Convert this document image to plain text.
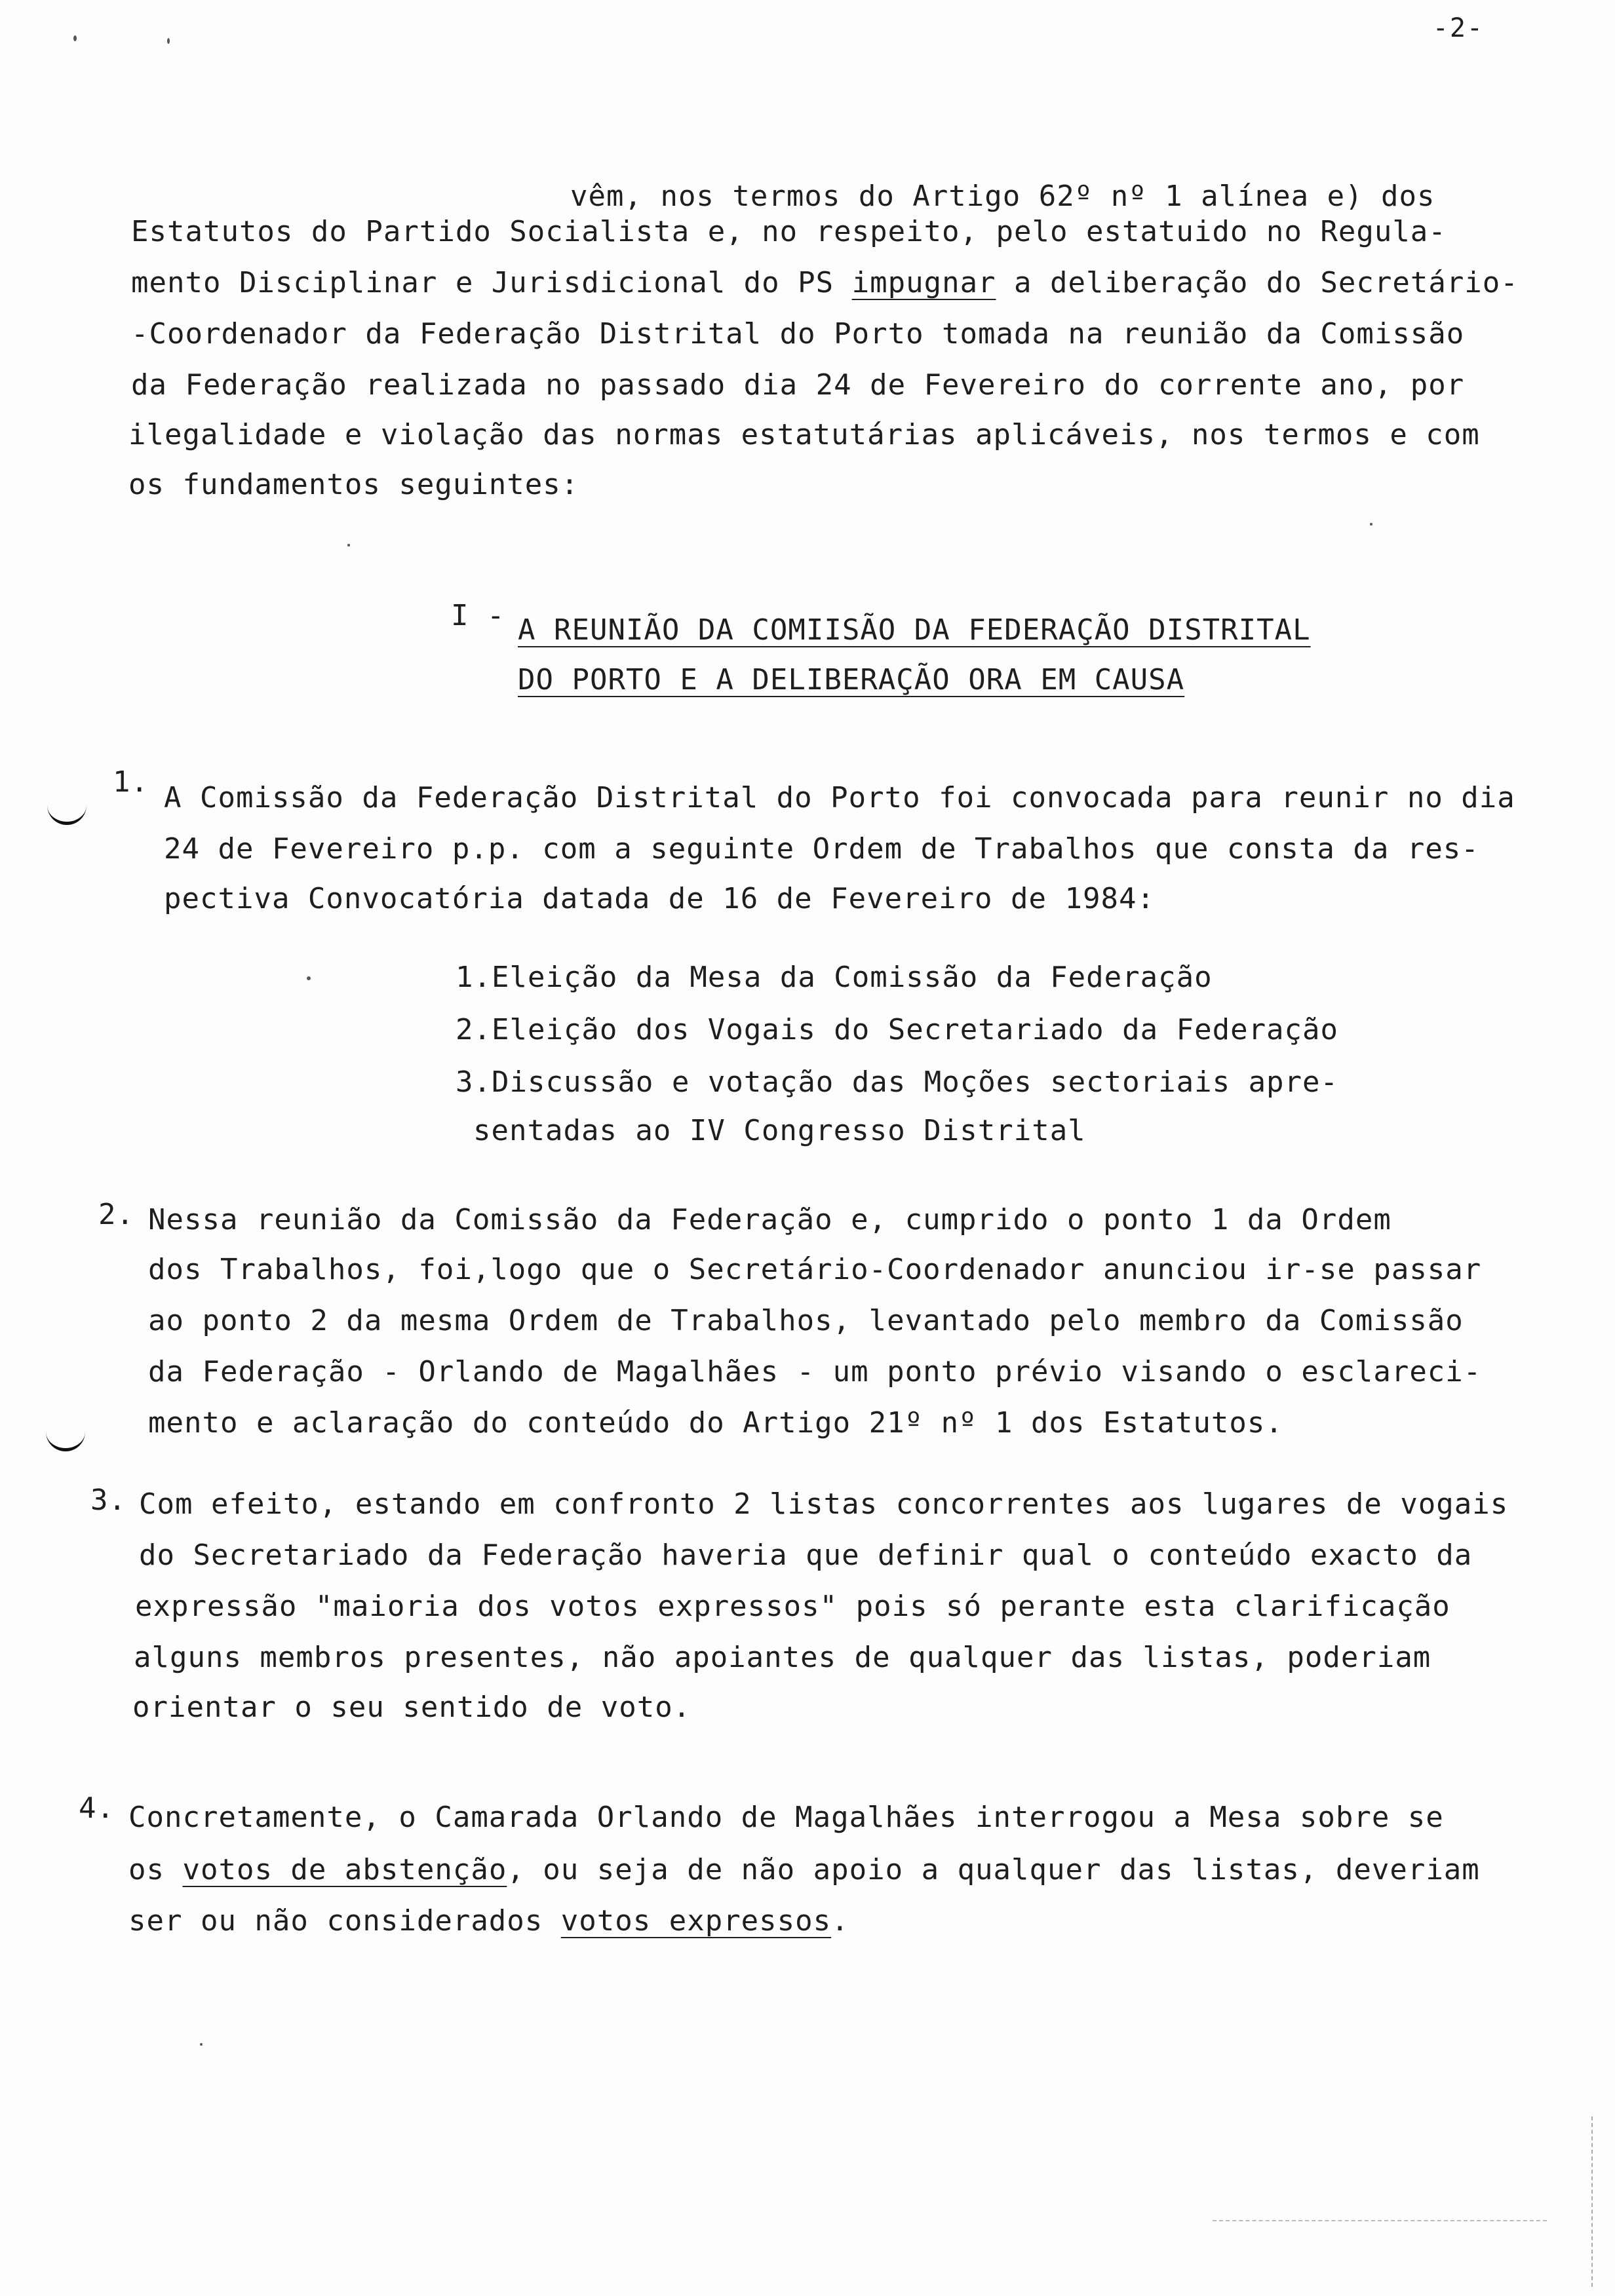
-2-
vêm, nos termos do Artigo 62º nº 1 alínea e) dos
Estatutos do Partido Socialista e, no respeito, pelo estatuido no Regula-
mento Disciplinar e Jurisdicional do PS impugnar a deliberação do Secretário-
-Coordenador da Federação Distrital do Porto tomada na reunião da Comissão
da Federação realizada no passado dia 24 de Fevereiro do corrente ano, por
ilegalidade e violação das normas estatutárias aplicáveis, nos termos e com
os fundamentos seguintes:
I - A REUNIÃO DA COMIISÃO DA FEDERAÇÃO DISTRITAL
DO PORTO E A DELIBERAÇÃO ORA EM CAUSA
1. A Comissão da Federação Distrital do Porto foi convocada para reunir no dia
24 de Fevereiro p.p. com a seguinte Ordem de Trabalhos que consta da res-
pectiva Convocatória datada de 16 de Fevereiro de 1984:
1.Eleição da Mesa da Comissão da Federação
2.Eleição dos Vogais do Secretariado da Federação
3.Discussão e votação das Moções sectoriais apre-
sentadas ao IV Congresso Distrital
2. Nessa reunião da Comissão da Federação e, cumprido o ponto 1 da Ordem
dos Trabalhos, foi,logo que o Secretário-Coordenador anunciou ir-se passar
ao ponto 2 da mesma Ordem de Trabalhos, levantado pelo membro da Comissão
da Federação - Orlando de Magalhães - um ponto prévio visando o esclareci-
mento e aclaração do conteúdo do Artigo 21º nº 1 dos Estatutos.
3. Com efeito, estando em confronto 2 listas concorrentes aos lugares de vogais
do Secretariado da Federação haveria que definir qual o conteúdo exacto da
expressão "maioria dos votos expressos" pois só perante esta clarificação
alguns membros presentes, não apoiantes de qualquer das listas, poderiam
orientar o seu sentido de voto.
4. Concretamente, o Camarada Orlando de Magalhães interrogou a Mesa sobre se
os votos de abstenção, ou seja de não apoio a qualquer das listas, deveriam
ser ou não considerados votos expressos.
